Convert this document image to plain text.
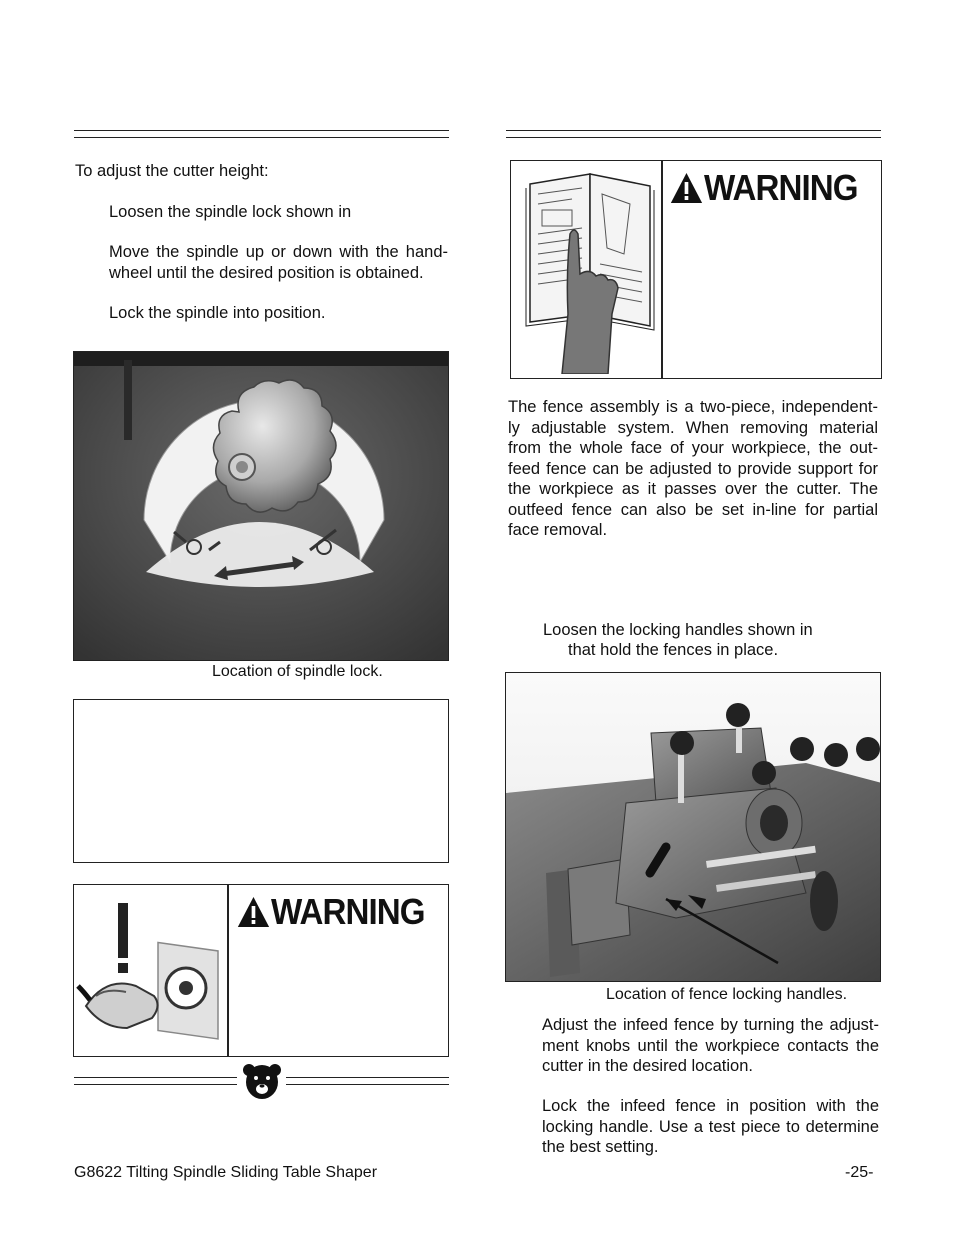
To adjust the cutter height:
Loosen the spindle lock shown in
Move the spindle up or down with the hand-wheel until the desired position is obtained.
Lock the spindle into position.
Location of spindle lock.
WARNING
WARNING
The fence assembly is a two-piece, independent-ly adjustable system. When removing material from the whole face of your workpiece, the out-feed fence can be adjusted to provide support for the workpiece as it passes over the cutter. The outfeed fence can also be set in-line for partial face removal.
Loosen the locking handles shown in
that hold the fences in place.
Location of fence locking handles.
Adjust the infeed fence by turning the adjust-ment knobs until the workpiece contacts the cutter in the desired location.
Lock the infeed fence in position with the locking handle. Use a test piece to determine the best setting.
G8622 Tilting Spindle Sliding Table Shaper	-25-
